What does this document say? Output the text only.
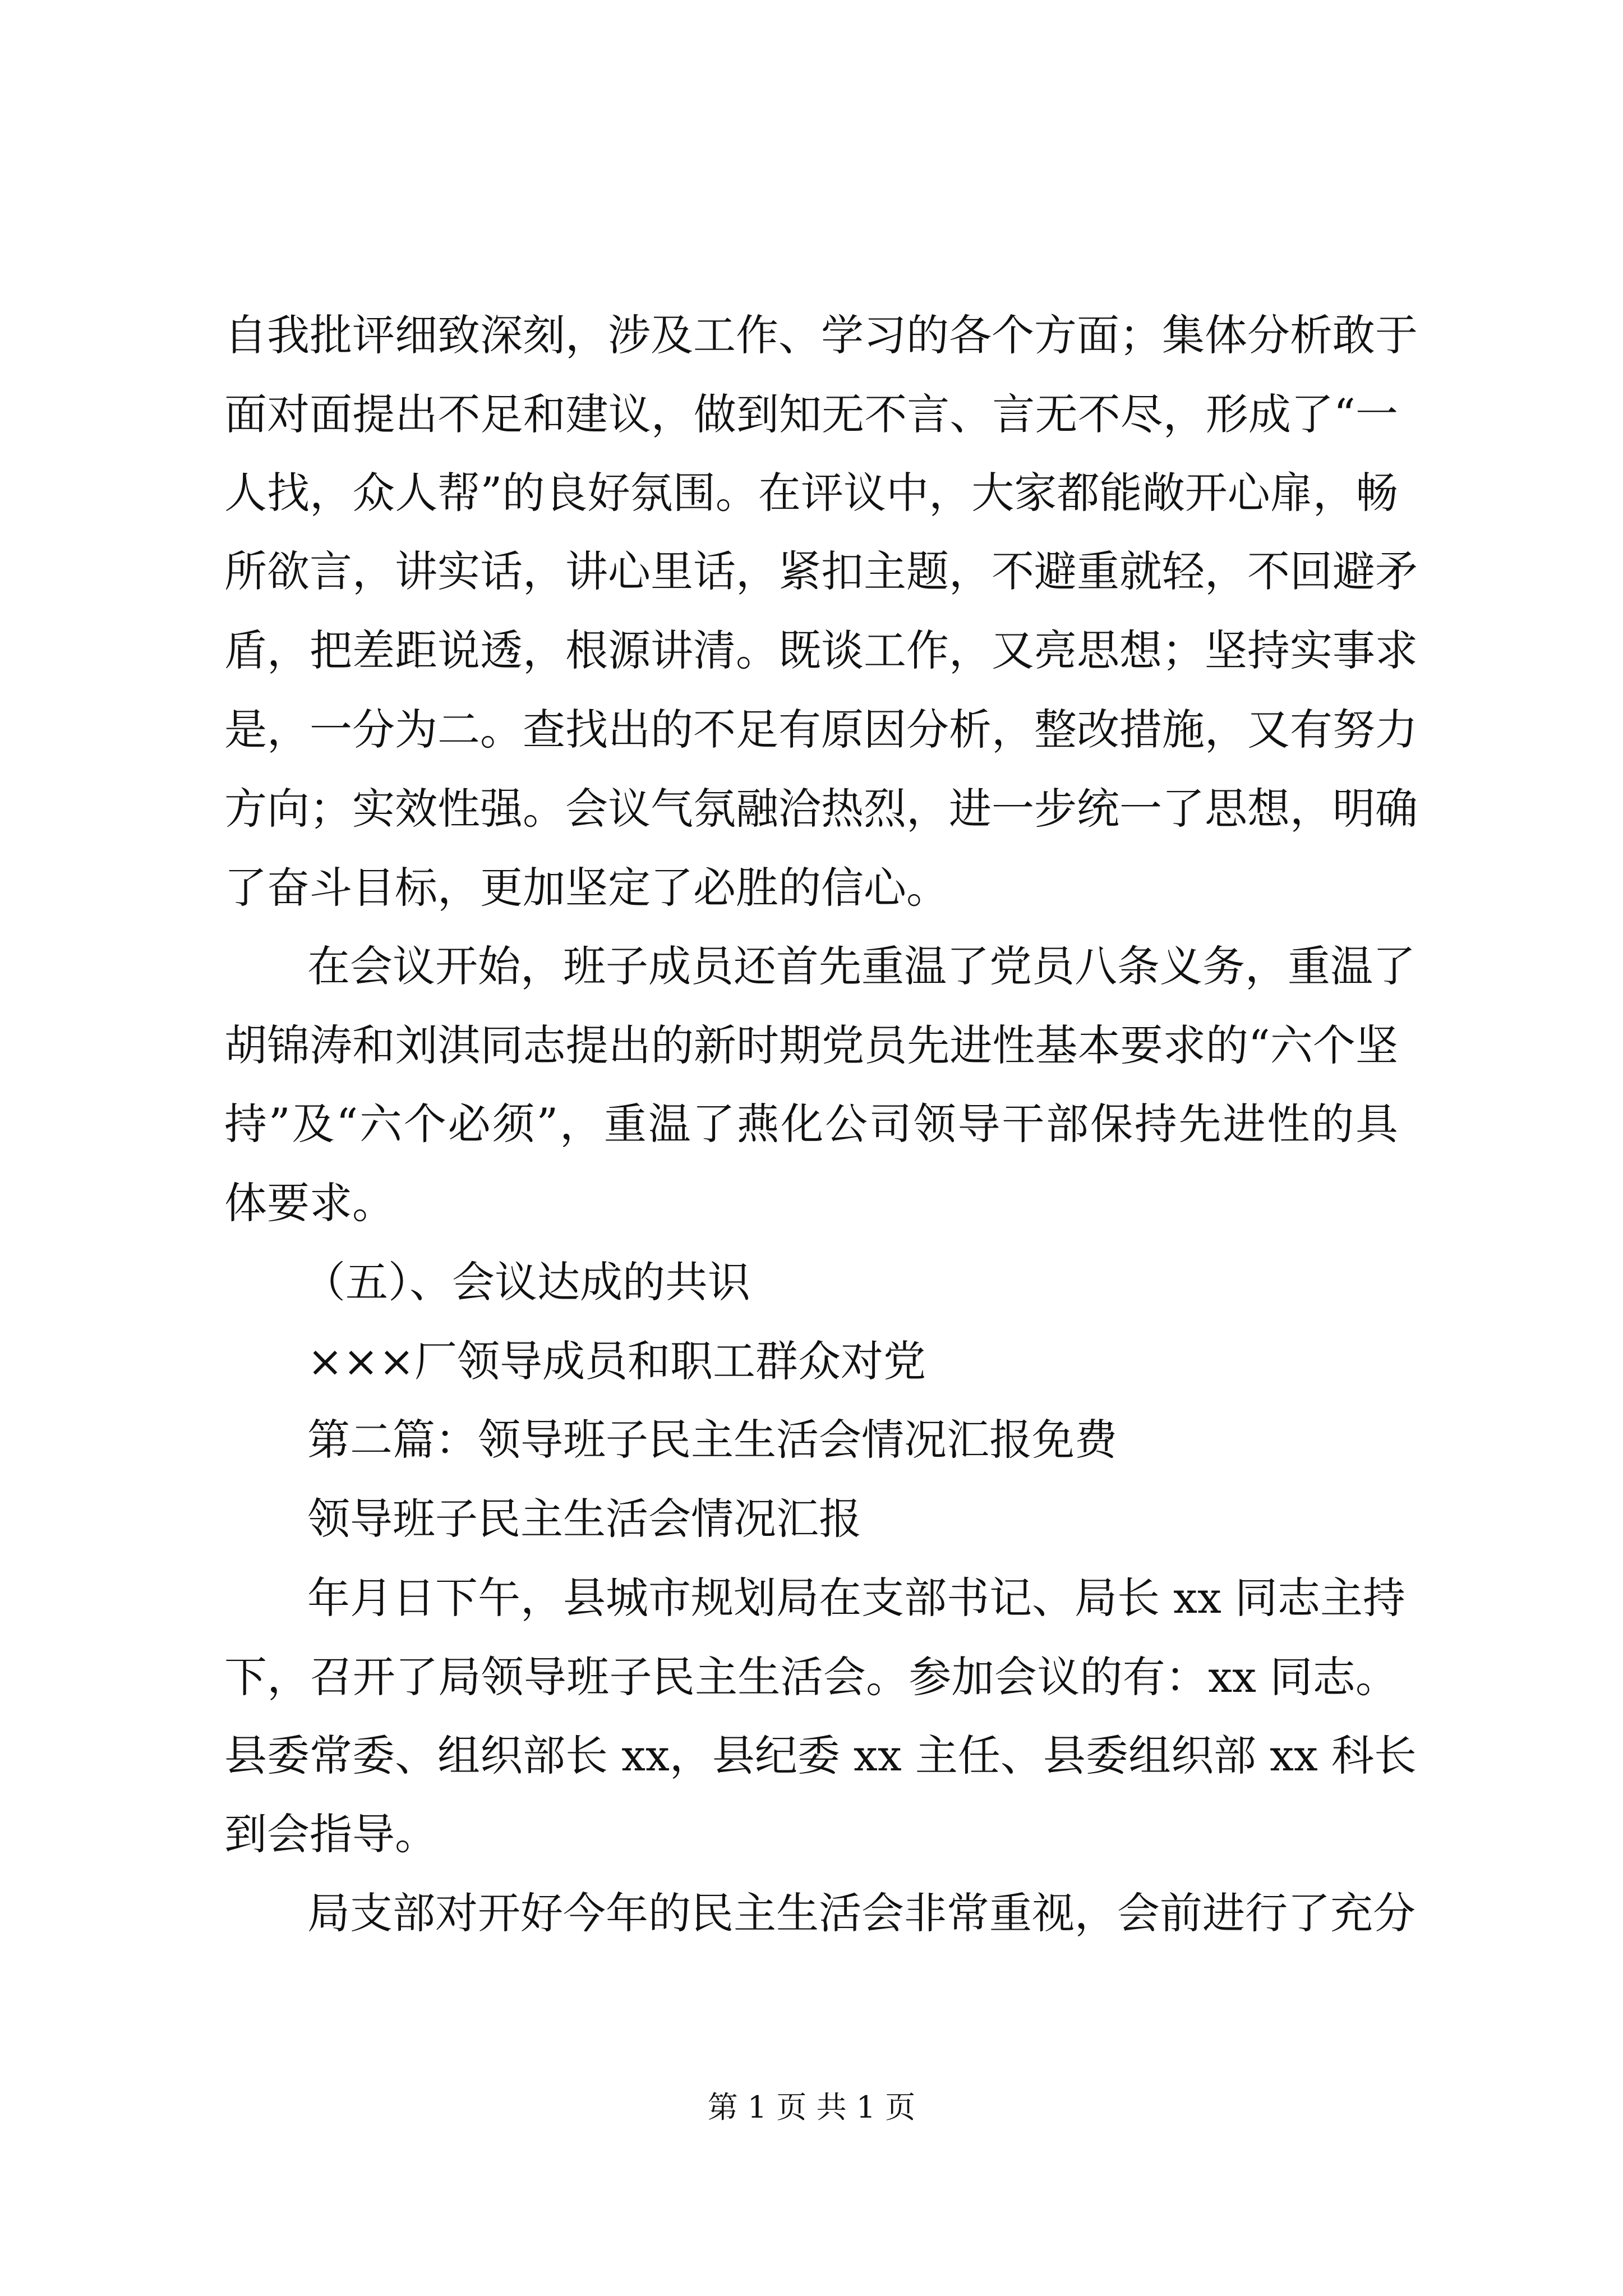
自我批评细致深刻，涉及工作、学习的各个方面；集体分析敢于
面对面提出不足和建议，做到知无不言、言无不尽，形成了“一
人找，众人帮”的良好氛围。在评议中，大家都能敞开心扉，畅
所欲言，讲实话，讲心里话，紧扣主题，不避重就轻，不回避矛
盾，把差距说透，根源讲清。既谈工作，又亮思想；坚持实事求
是，一分为二。查找出的不足有原因分析，整改措施，又有努力
方向；实效性强。会议气氛融洽热烈，进一步统一了思想，明确
了奋斗目标，更加坚定了必胜的信心。
在会议开始，班子成员还首先重温了党员八条义务，重温了
胡锦涛和刘淇同志提出的新时期党员先进性基本要求的“六个坚
持”及“六个必须”，重温了燕化公司领导干部保持先进性的具
体要求。
（五）、会议达成的共识
×××厂领导成员和职工群众对党
第二篇：领导班子民主生活会情况汇报免费
领导班子民主生活会情况汇报
年月日下午，县城市规划局在支部书记、局长 xx 同志主持
下，召开了局领导班子民主生活会。参加会议的有：xx 同志。
县委常委、组织部长 xx，县纪委 xx 主任、县委组织部 xx 科长
到会指导。
局支部对开好今年的民主生活会非常重视，会前进行了充分
第 1 页 共 1 页
